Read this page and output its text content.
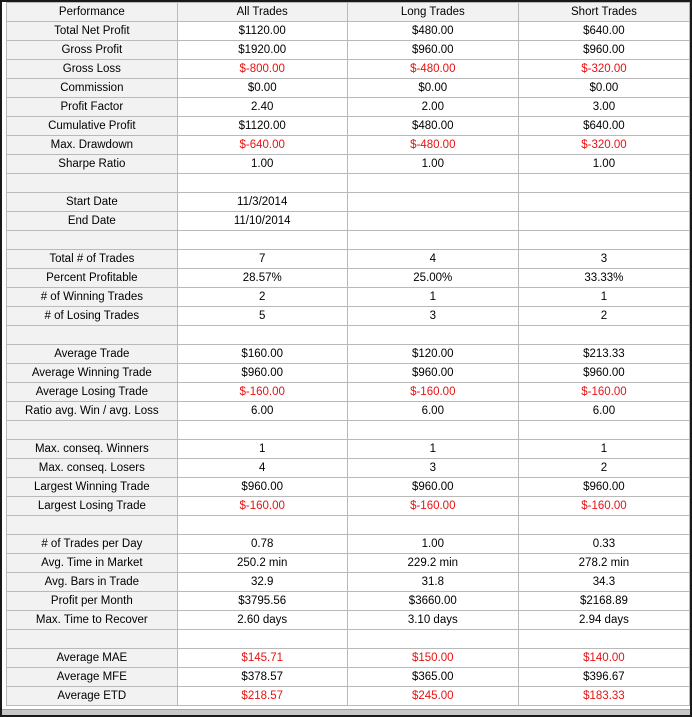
Performance	All Trades	Long Trades	Short Trades
Total Net Profit	$1120.00	$480.00	$640.00
Gross Profit	$1920.00	$960.00	$960.00
Gross Loss	$-800.00	$-480.00	$-320.00
Commission	$0.00	$0.00	$0.00
Profit Factor	2.40	2.00	3.00
Cumulative Profit	$1120.00	$480.00	$640.00
Max. Drawdown	$-640.00	$-480.00	$-320.00
Sharpe Ratio	1.00	1.00	1.00

Start Date	11/3/2014		
End Date	11/10/2014		

Total # of Trades	7	4	3
Percent Profitable	28.57%	25.00%	33.33%
# of Winning Trades	2	1	1
# of Losing Trades	5	3	2

Average Trade	$160.00	$120.00	$213.33
Average Winning Trade	$960.00	$960.00	$960.00
Average Losing Trade	$-160.00	$-160.00	$-160.00
Ratio avg. Win / avg. Loss	6.00	6.00	6.00

Max. conseq. Winners	1	1	1
Max. conseq. Losers	4	3	2
Largest Winning Trade	$960.00	$960.00	$960.00
Largest Losing Trade	$-160.00	$-160.00	$-160.00

# of Trades per Day	0.78	1.00	0.33
Avg. Time in Market	250.2 min	229.2 min	278.2 min
Avg. Bars in Trade	32.9	31.8	34.3
Profit per Month	$3795.56	$3660.00	$2168.89
Max. Time to Recover	2.60 days	3.10 days	2.94 days

Average MAE	$145.71	$150.00	$140.00
Average MFE	$378.57	$365.00	$396.67
Average ETD	$218.57	$245.00	$183.33
